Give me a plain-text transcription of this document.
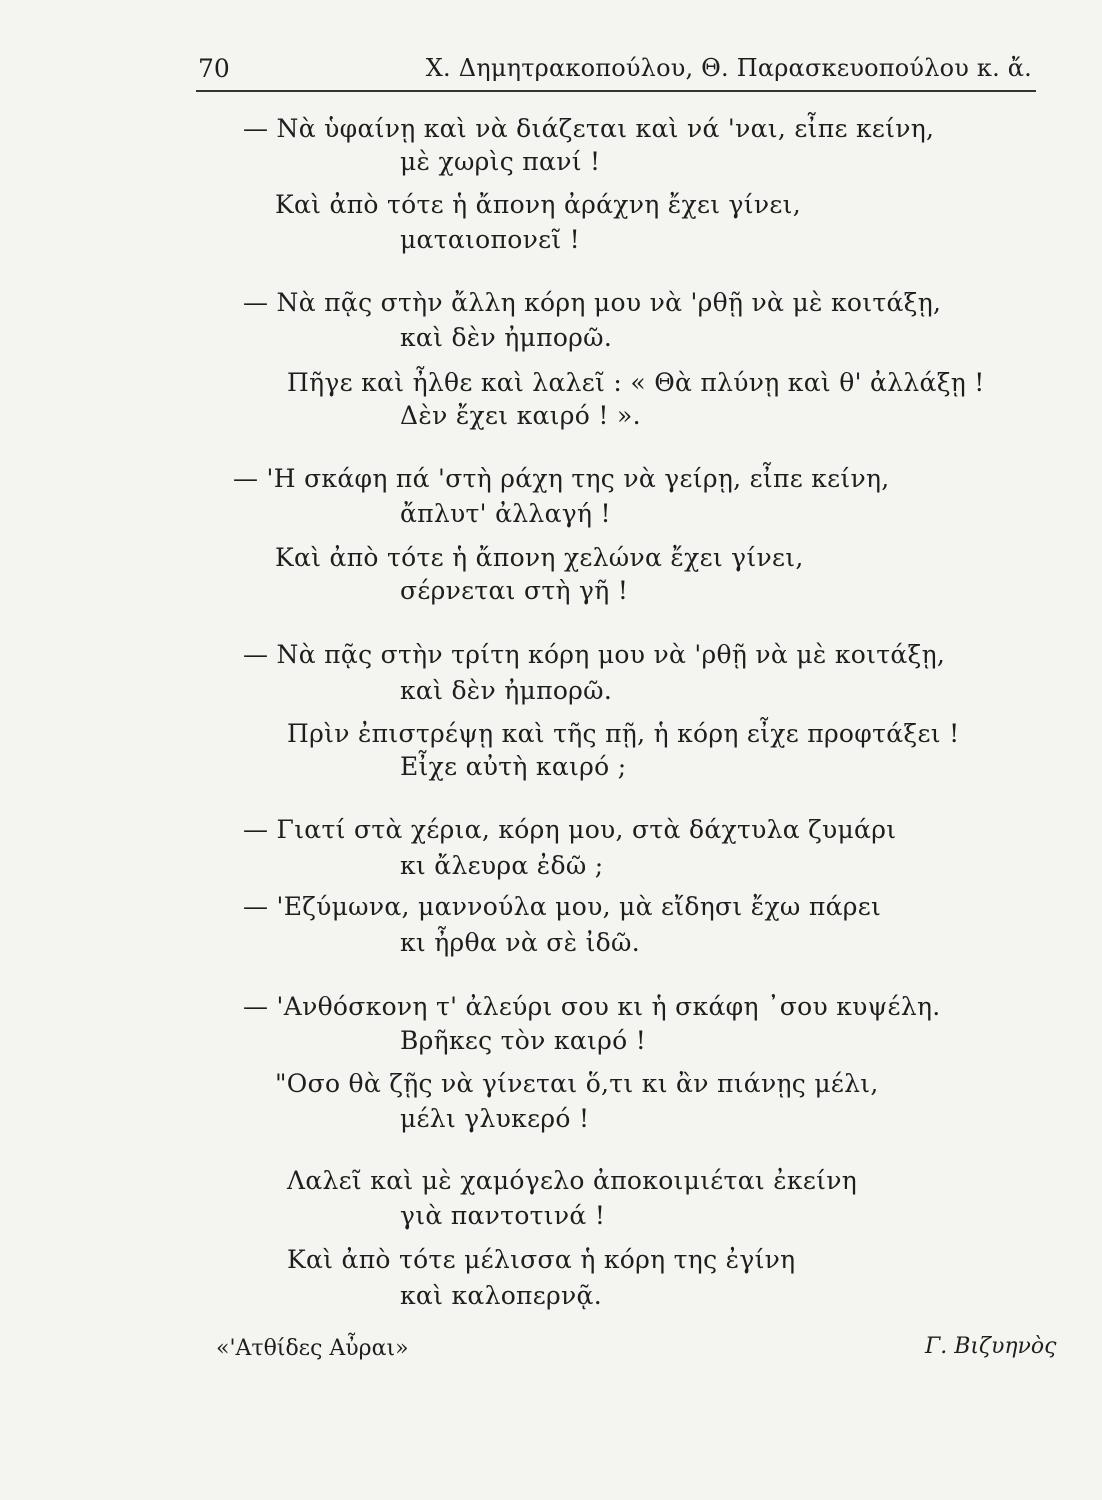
70	Χ. Δημητρακοπούλου, Θ. Παρασκευοπούλου κ. ἄ.
— Νὰ ὑφαίνῃ καὶ νὰ διάζεται καὶ νά 'ναι, εἶπε κείνη,
μὲ χωρὶς πανί !
Καὶ ἀπὸ τότε ἡ ἄπονη ἀράχνη ἔχει γίνει,
ματαιοπονεῖ !
— Νὰ πᾷς στὴν ἄλλη κόρη μου νὰ 'ρθῇ νὰ μὲ κοιτάξῃ,
καὶ δὲν ἠμπορῶ.
Πῆγε καὶ ἦλθε καὶ λαλεῖ : « Θὰ πλύνῃ καὶ θ' ἀλλάξῃ !
Δὲν ἔχει καιρό ! ».
— 'Η σκάφη πά 'στὴ ράχη της νὰ γείρῃ, εἶπε κείνη,
ἄπλυτ' ἀλλαγή !
Καὶ ἀπὸ τότε ἡ ἄπονη χελώνα ἔχει γίνει,
σέρνεται στὴ γῆ !
— Νὰ πᾷς στὴν τρίτη κόρη μου νὰ 'ρθῇ νὰ μὲ κοιτάξῃ,
καὶ δὲν ἠμπορῶ.
Πρὶν ἐπιστρέψῃ καὶ τῆς πῇ, ἡ κόρη εἶχε προφτάξει !
Εἶχε αὐτὴ καιρό ;
— Γιατί στὰ χέρια, κόρη μου, στὰ δάχτυλα ζυμάρι
κι ἄλευρα ἐδῶ ;
— 'Εζύμωνα, μαννούλα μου, μὰ εἴδησι ἔχω πάρει
κι ἦρθα νὰ σὲ ἰδῶ.
— 'Ανθόσκονη τ' ἀλεύρι σου κι ἡ σκάφη ᾽σου κυψέλη.
Βρῆκες τὸν καιρό !
"Οσο θὰ ζῇς νὰ γίνεται ὅ,τι κι ἂν πιάνῃς μέλι,
μέλι γλυκερό !
Λαλεῖ καὶ μὲ χαμόγελο ἀποκοιμιέται ἐκείνη
γιὰ παντοτινά !
Καὶ ἀπὸ τότε μέλισσα ἡ κόρη της ἐγίνη
καὶ καλοπερνᾷ.
«'Ατθίδες Αὖραι»	Γ. Βιζυηνὸς
